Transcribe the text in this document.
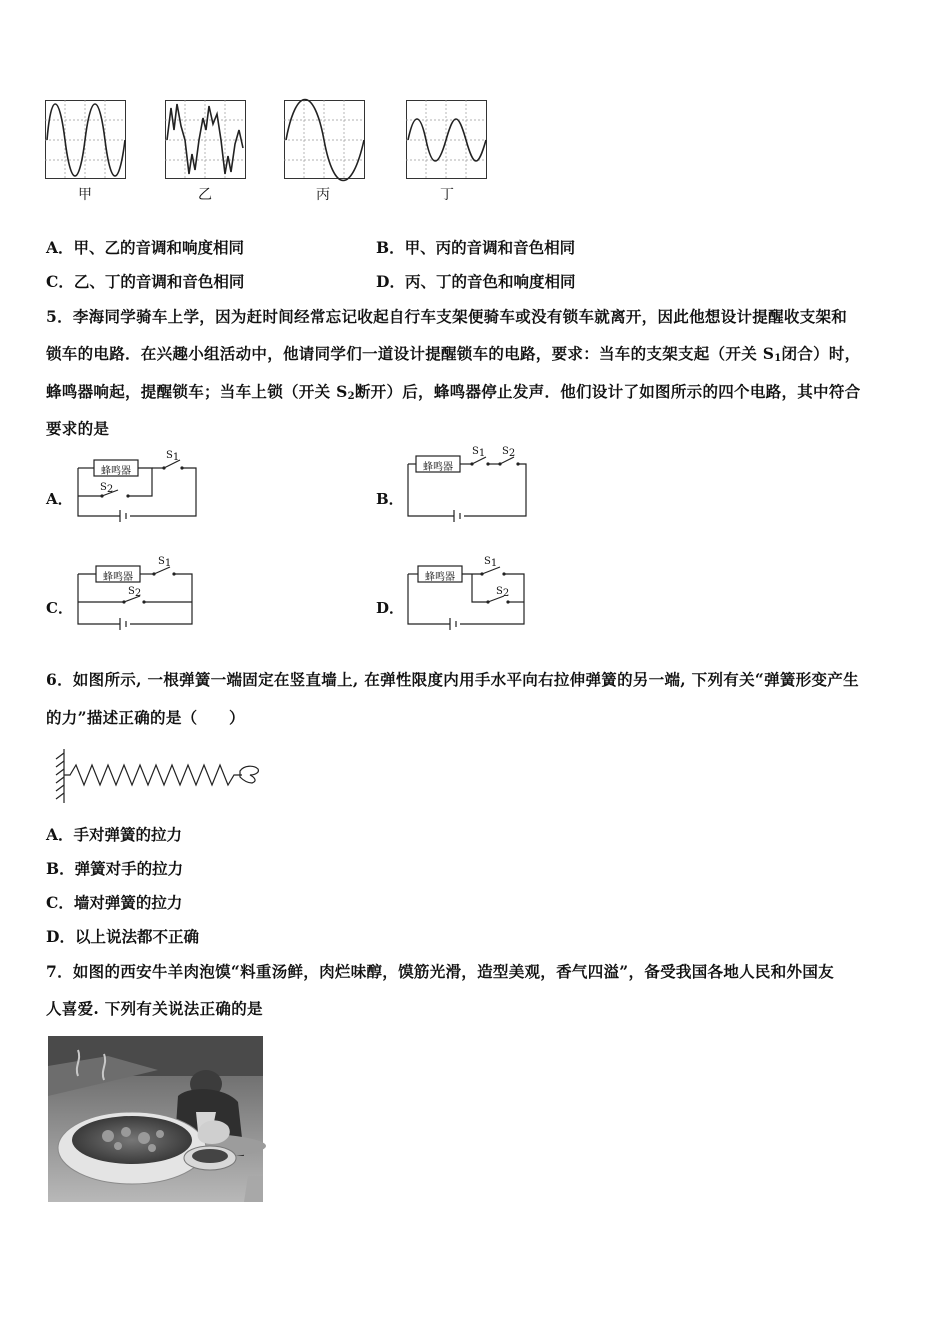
甲	乙	丙	丁
A．甲、乙的音调和响度相同	B．甲、丙的音调和音色相同
C．乙、丁的音调和音色相同	D．丙、丁的音色和响度相同
5．李海同学骑车上学，因为赶时间经常忘记收起自行车支架便骑车或没有锁车就离开，因此他想设计提醒收支架和
锁车的电路．在兴趣小组活动中，他请同学们一道设计提醒锁车的电路，要求：当车的支架支起（开关 $S_1$闭合）时，
蜂鸣器响起，提醒锁车；当车上锁（开关 $S_2$断开）后，蜂鸣器停止发声．他们设计了如图所示的四个电路，其中符合
要求的是
A．	B．
C．	D．
蜂鸣器
S1
S2
蜂鸣器
S1 S2
蜂鸣器
S1
S2
蜂鸣器
S1
S2
6．如图所示, 一根弹簧一端固定在竖直墙上, 在弹性限度内用手水平向右拉伸弹簧的另一端, 下列有关“弹簧形变产生
的力”描述正确的是（　　）
A．手对弹簧的拉力
B．弹簧对手的拉力
C．墙对弹簧的拉力
D．以上说法都不正确
7．如图的西安牛羊肉泡馍“料重汤鲜，肉烂味醇，馍筋光滑，造型美观，香气四溢”，备受我国各地人民和外国友
人喜爱. 下列有关说法正确的是
